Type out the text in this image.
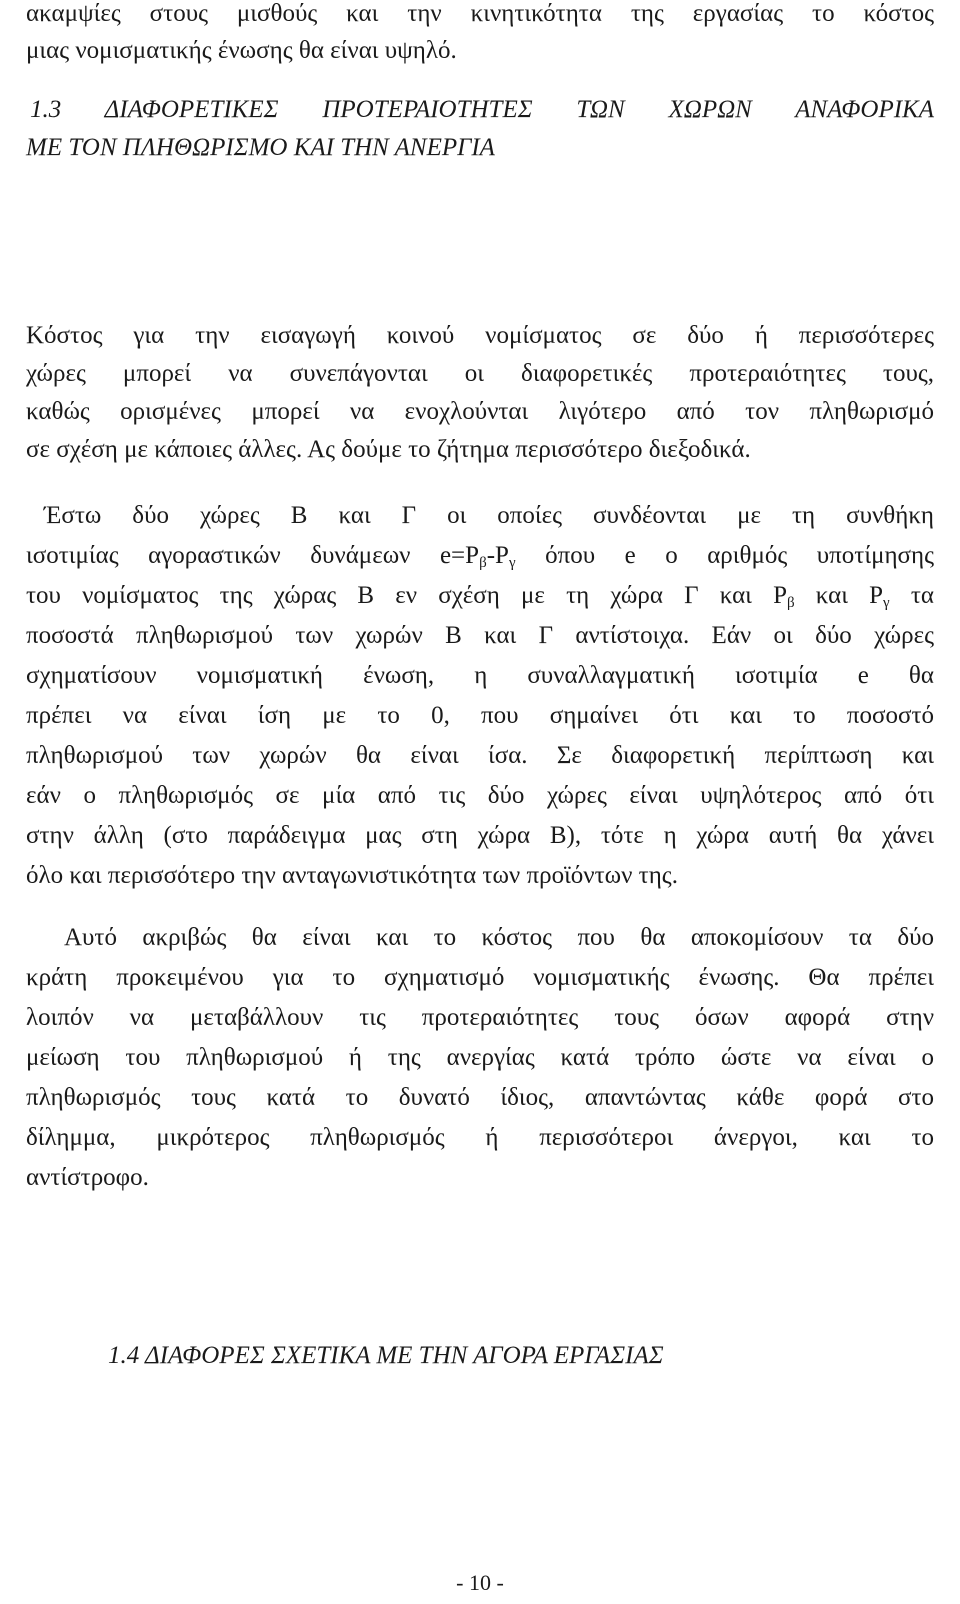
ακαμψίες στους μισθούς και την κινητικότητα της εργασίας το κόστος
μιας νομισματικής ένωσης θα είναι υψηλό.
1.3 ΔΙΑΦΟΡΕΤΙΚΕΣ ΠΡΟΤΕΡΑΙΟΤΗΤΕΣ ΤΩΝ ΧΩΡΩΝ ΑΝΑΦΟΡΙΚΑ
ΜΕ ΤΟΝ ΠΛΗΘΩΡΙΣΜΟ ΚΑΙ ΤΗΝ ΑΝΕΡΓΙΑ
Κόστος για την εισαγωγή κοινού νομίσματος σε δύο ή περισσότερες
χώρες μπορεί να συνεπάγονται οι διαφορετικές προτεραιότητες τους,
καθώς ορισμένες μπορεί να ενοχλούνται λιγότερο από τον πληθωρισμό
σε σχέση με κάποιες άλλες. Ας δούμε το ζήτημα περισσότερο διεξοδικά.
Έστω δύο χώρες Β και Γ οι οποίες συνδέονται με τη συνθήκη
ισοτιμίας αγοραστικών δυνάμεων $e=P_\beta-P_\gamma$ όπου e ο αριθμός υποτίμησης
του νομίσματος της χώρας Β εν σχέση με τη χώρα Γ και $P_\beta$ και $P_\gamma$ τα
ποσοστά πληθωρισμού των χωρών Β και Γ αντίστοιχα. Εάν οι δύο χώρες
σχηματίσουν νομισματική ένωση, η συναλλαγματική ισοτιμία e θα
πρέπει να είναι ίση με το 0, που σημαίνει ότι και το ποσοστό
πληθωρισμού των χωρών θα είναι ίσα. Σε διαφορετική περίπτωση και
εάν ο πληθωρισμός σε μία από τις δύο χώρες είναι υψηλότερος από ότι
στην άλλη (στο παράδειγμα μας στη χώρα Β), τότε η χώρα αυτή θα χάνει
όλο και περισσότερο την ανταγωνιστικότητα των προϊόντων της.
Αυτό ακριβώς θα είναι και το κόστος που θα αποκομίσουν τα δύο
κράτη προκειμένου για το σχηματισμό νομισματικής ένωσης. Θα πρέπει
λοιπόν να μεταβάλλουν τις προτεραιότητες τους όσων αφορά στην
μείωση του πληθωρισμού ή της ανεργίας κατά τρόπο ώστε να είναι ο
πληθωρισμός τους κατά το δυνατό ίδιος, απαντώντας κάθε φορά στο
δίλημμα, μικρότερος πληθωρισμός ή περισσότεροι άνεργοι, και το
αντίστροφο.
1.4 ΔΙΑΦΟΡΕΣ ΣΧΕΤΙΚΑ ΜΕ ΤΗΝ ΑΓΟΡΑ ΕΡΓΑΣΙΑΣ
- 10 -
